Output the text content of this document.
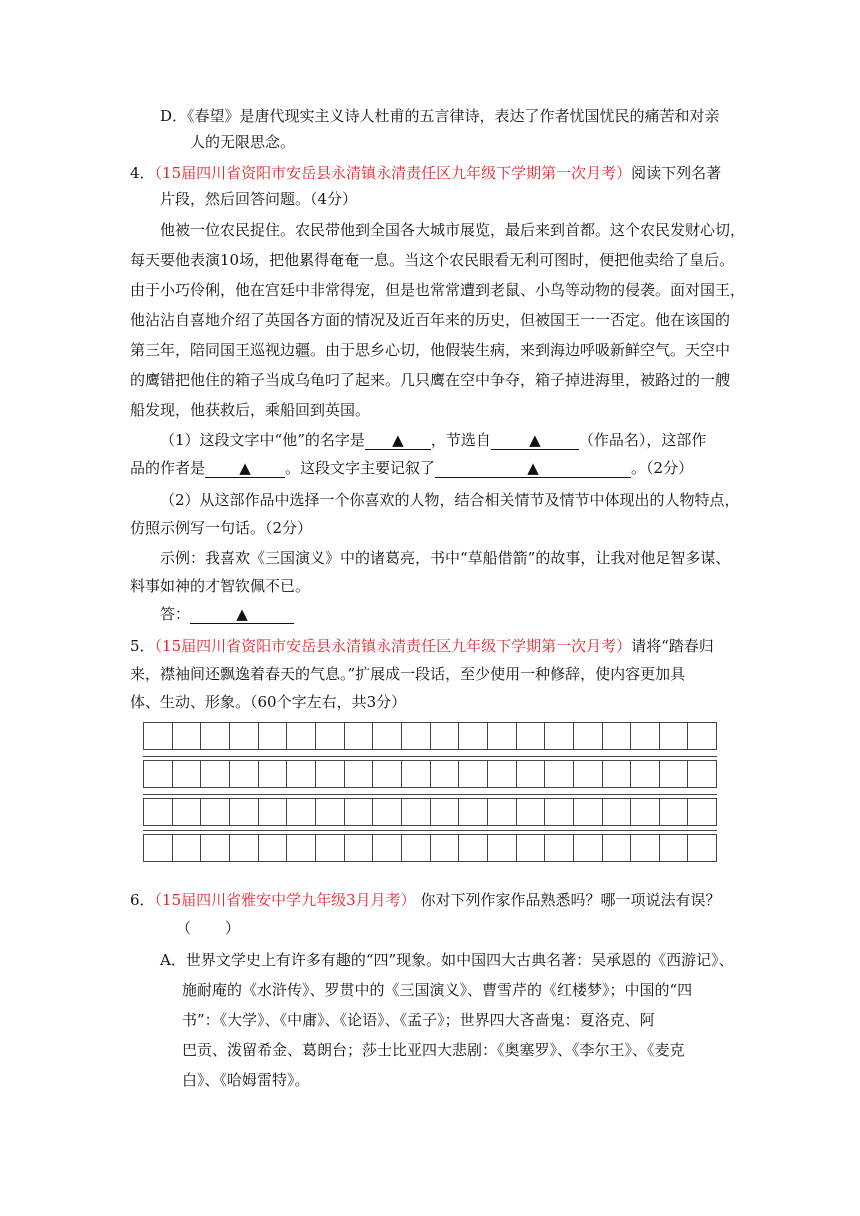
D．《春望》是唐代现实主义诗人杜甫的五言律诗，表达了作者忧国忧民的痛苦和对亲
人的无限思念。
4．（15届四川省资阳市安岳县永清镇永清责任区九年级下学期第一次月考）阅读下列名著
片段，然后回答问题。（4分）
他被一位农民捉住。农民带他到全国各大城市展览，最后来到首都。这个农民发财心切，
每天要他表演10场，把他累得奄奄一息。当这个农民眼看无利可图时，便把他卖给了皇后。
由于小巧伶俐，他在宫廷中非常得宠，但是也常常遭到老鼠、小鸟等动物的侵袭。面对国王，
他沾沾自喜地介绍了英国各方面的情况及近百年来的历史，但被国王一一否定。他在该国的
第三年，陪同国王巡视边疆。由于思乡心切，他假装生病，来到海边呼吸新鲜空气。天空中
的鹰错把他住的箱子当成乌龟叼了起来。几只鹰在空中争夺，箱子掉进海里，被路过的一艘
船发现，他获救后，乘船回到英国。
（1）这段文字中“他”的名字是 ▲ ，节选自	▲	（作品名），这部作
品的作者是 ▲ 。这段文字主要记叙了	▲	。（2分）
（2）从这部作品中选择一个你喜欢的人物，结合相关情节及情节中体现出的人物特点，
仿照示例写一句话。（2分）
示例：我喜欢《三国演义》中的诸葛亮，书中“草船借箭”的故事，让我对他足智多谋、
料事如神的才智钦佩不已。
答：	▲
5．（15届四川省资阳市安岳县永清镇永清责任区九年级下学期第一次月考）请将“踏春归
来，襟袖间还飘逸着春天的气息。”扩展成一段话，至少使用一种修辞，使内容更加具
体、生动、形象。（60个字左右，共3分）
6．（15届四川省雅安中学九年级3月月考） 你对下列作家作品熟悉吗？哪一项说法有误？
（ ）
A．世界文学史上有许多有趣的“四”现象。如中国四大古典名著：吴承恩的《西游记》、
施耐庵的《水浒传》、罗贯中的《三国演义》、曹雪芹的《红楼梦》；中国的“四
书”：《大学》、《中庸》、《论语》、《孟子》；世界四大吝啬鬼：夏洛克、阿
巴贡、泼留希金、葛朗台；莎士比亚四大悲剧：《奥塞罗》、《李尔王》、《麦克
白》、《哈姆雷特》。
